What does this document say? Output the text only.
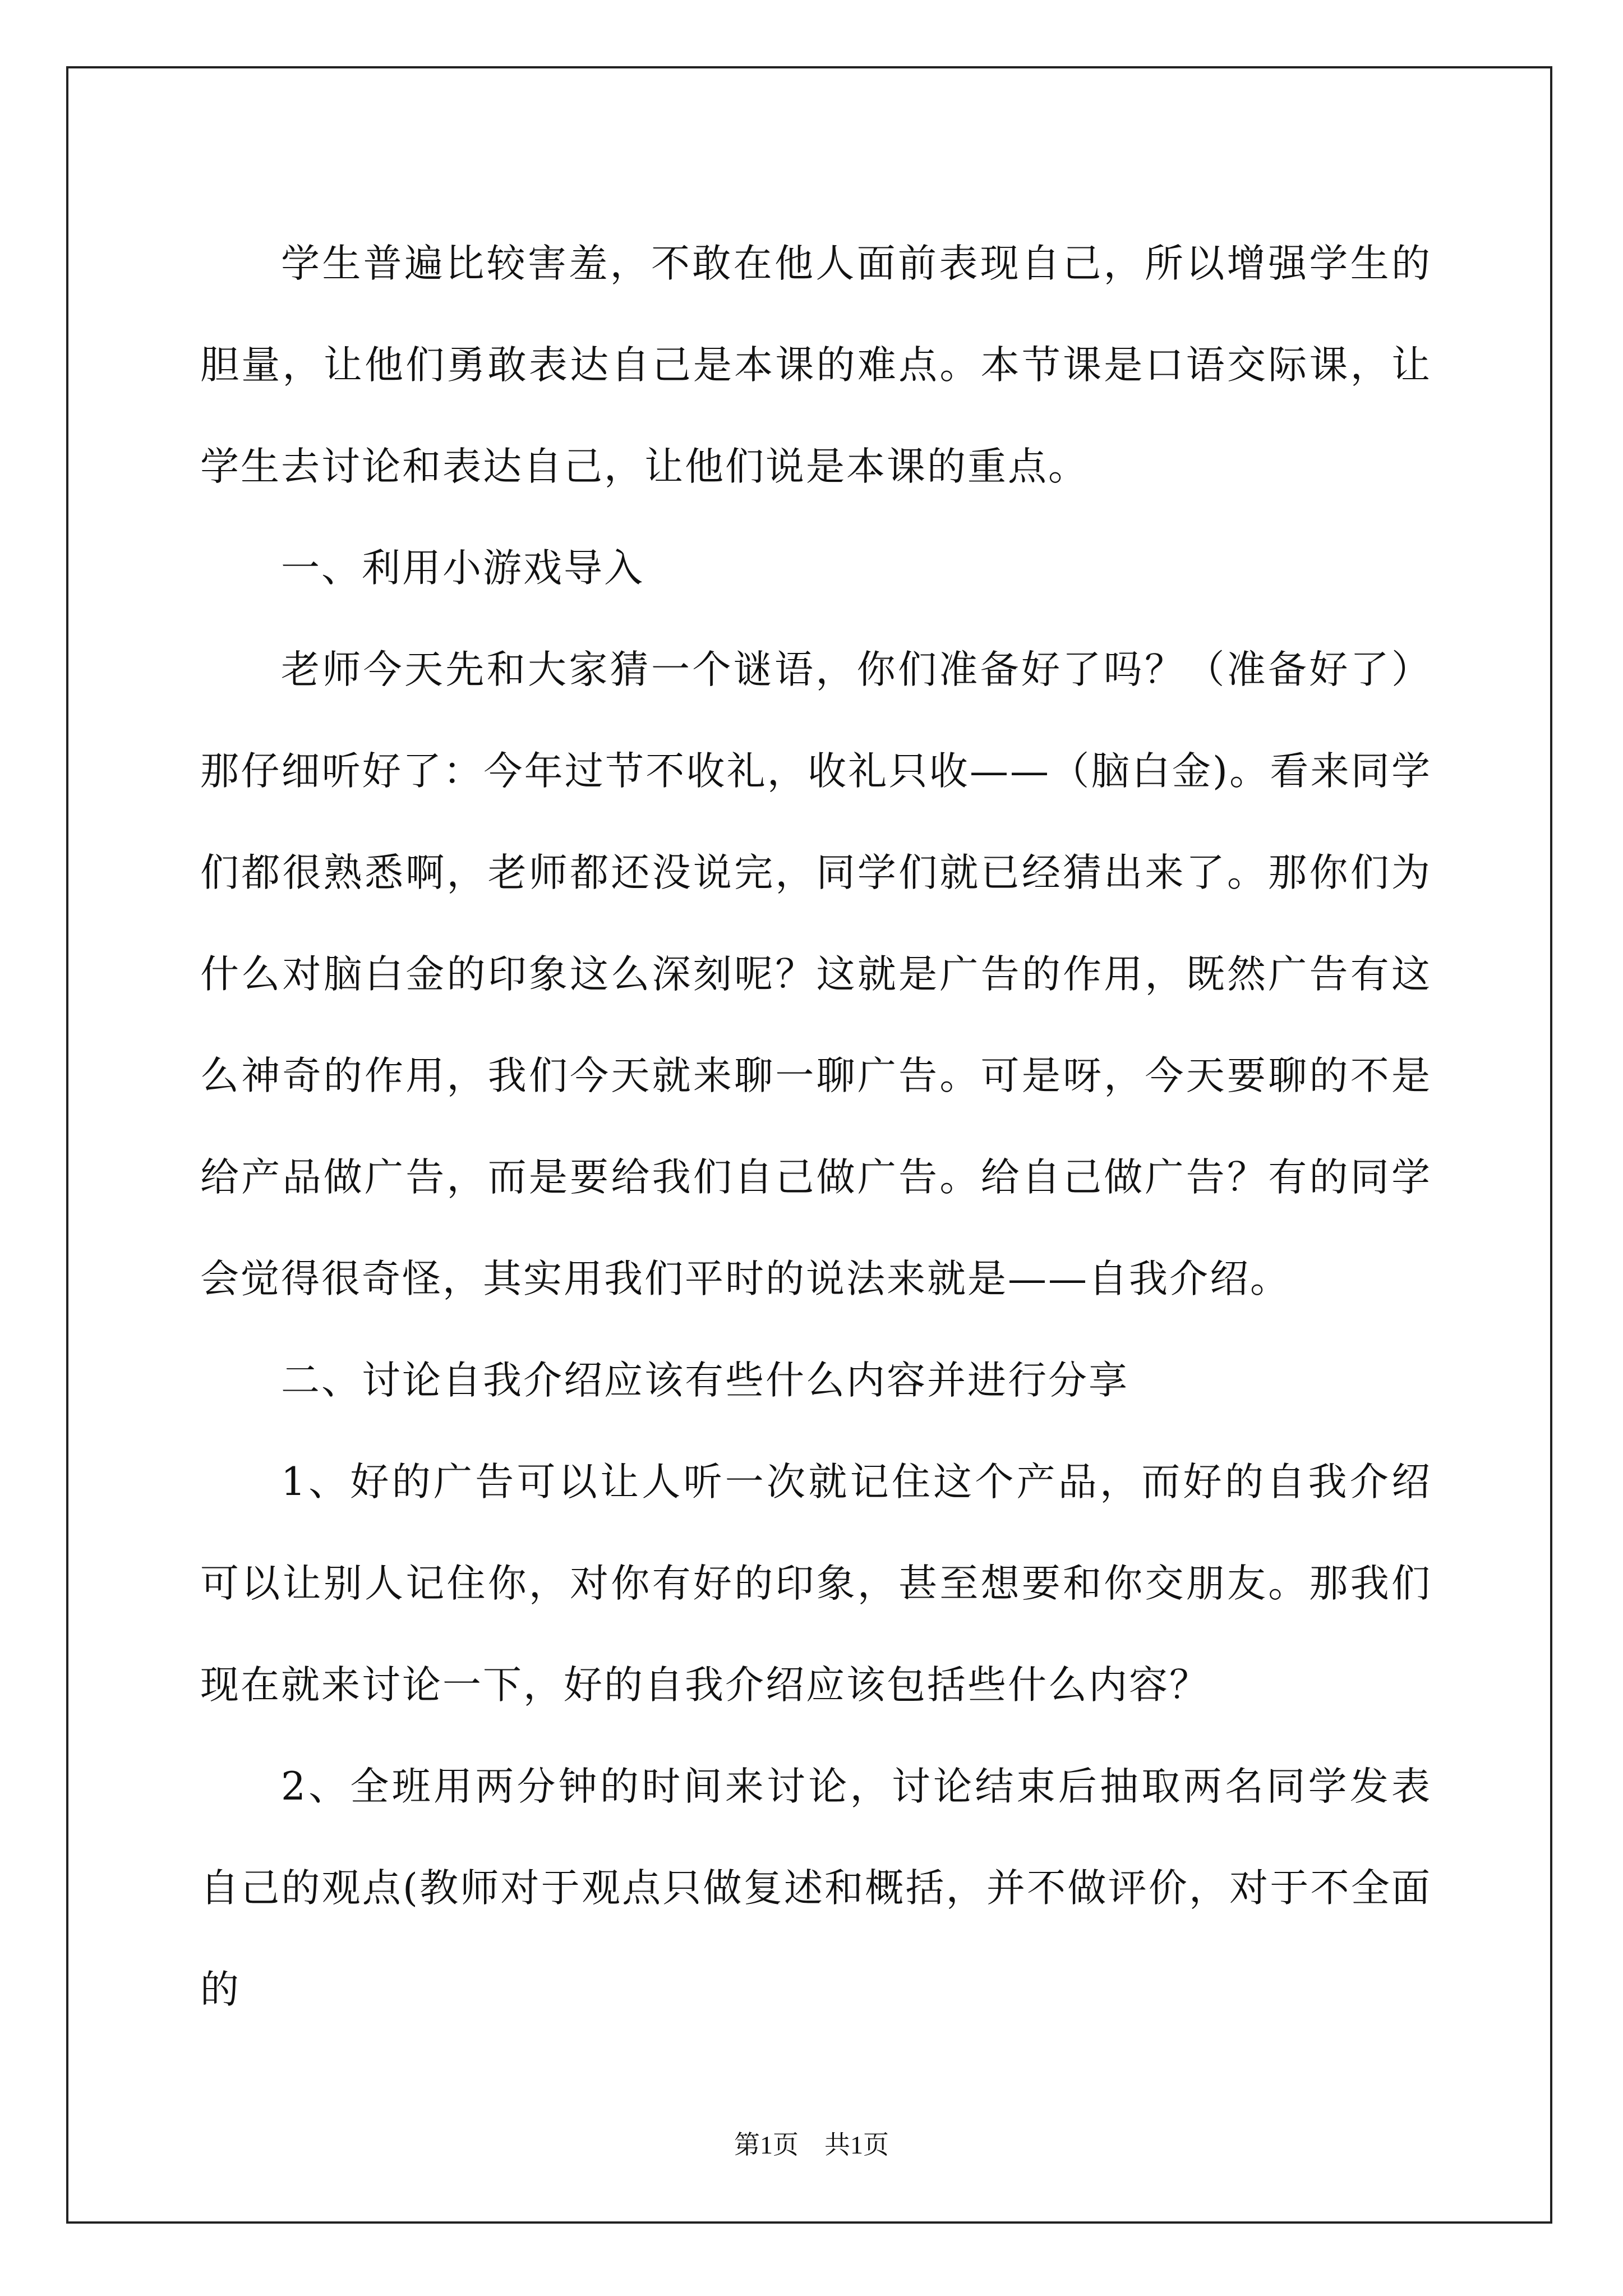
学生普遍比较害羞，不敢在他人面前表现自己，所以增强学生的胆量，让他们勇敢表达自己是本课的难点。本节课是口语交际课，让学生去讨论和表达自己，让他们说是本课的重点。

一、利用小游戏导入

老师今天先和大家猜一个谜语，你们准备好了吗？（准备好了）那仔细听好了：今年过节不收礼，收礼只收——（脑白金)。看来同学们都很熟悉啊，老师都还没说完，同学们就已经猜出来了。那你们为什么对脑白金的印象这么深刻呢？这就是广告的作用，既然广告有这么神奇的作用，我们今天就来聊一聊广告。可是呀，今天要聊的不是给产品做广告，而是要给我们自己做广告。给自己做广告？有的同学会觉得很奇怪，其实用我们平时的说法来就是——自我介绍。

二、讨论自我介绍应该有些什么内容并进行分享

1、好的广告可以让人听一次就记住这个产品，而好的自我介绍可以让别人记住你，对你有好的印象，甚至想要和你交朋友。那我们现在就来讨论一下，好的自我介绍应该包括些什么内容？

2、全班用两分钟的时间来讨论，讨论结束后抽取两名同学发表自己的观点(教师对于观点只做复述和概括，并不做评价，对于不全面的

第1页　共1页
